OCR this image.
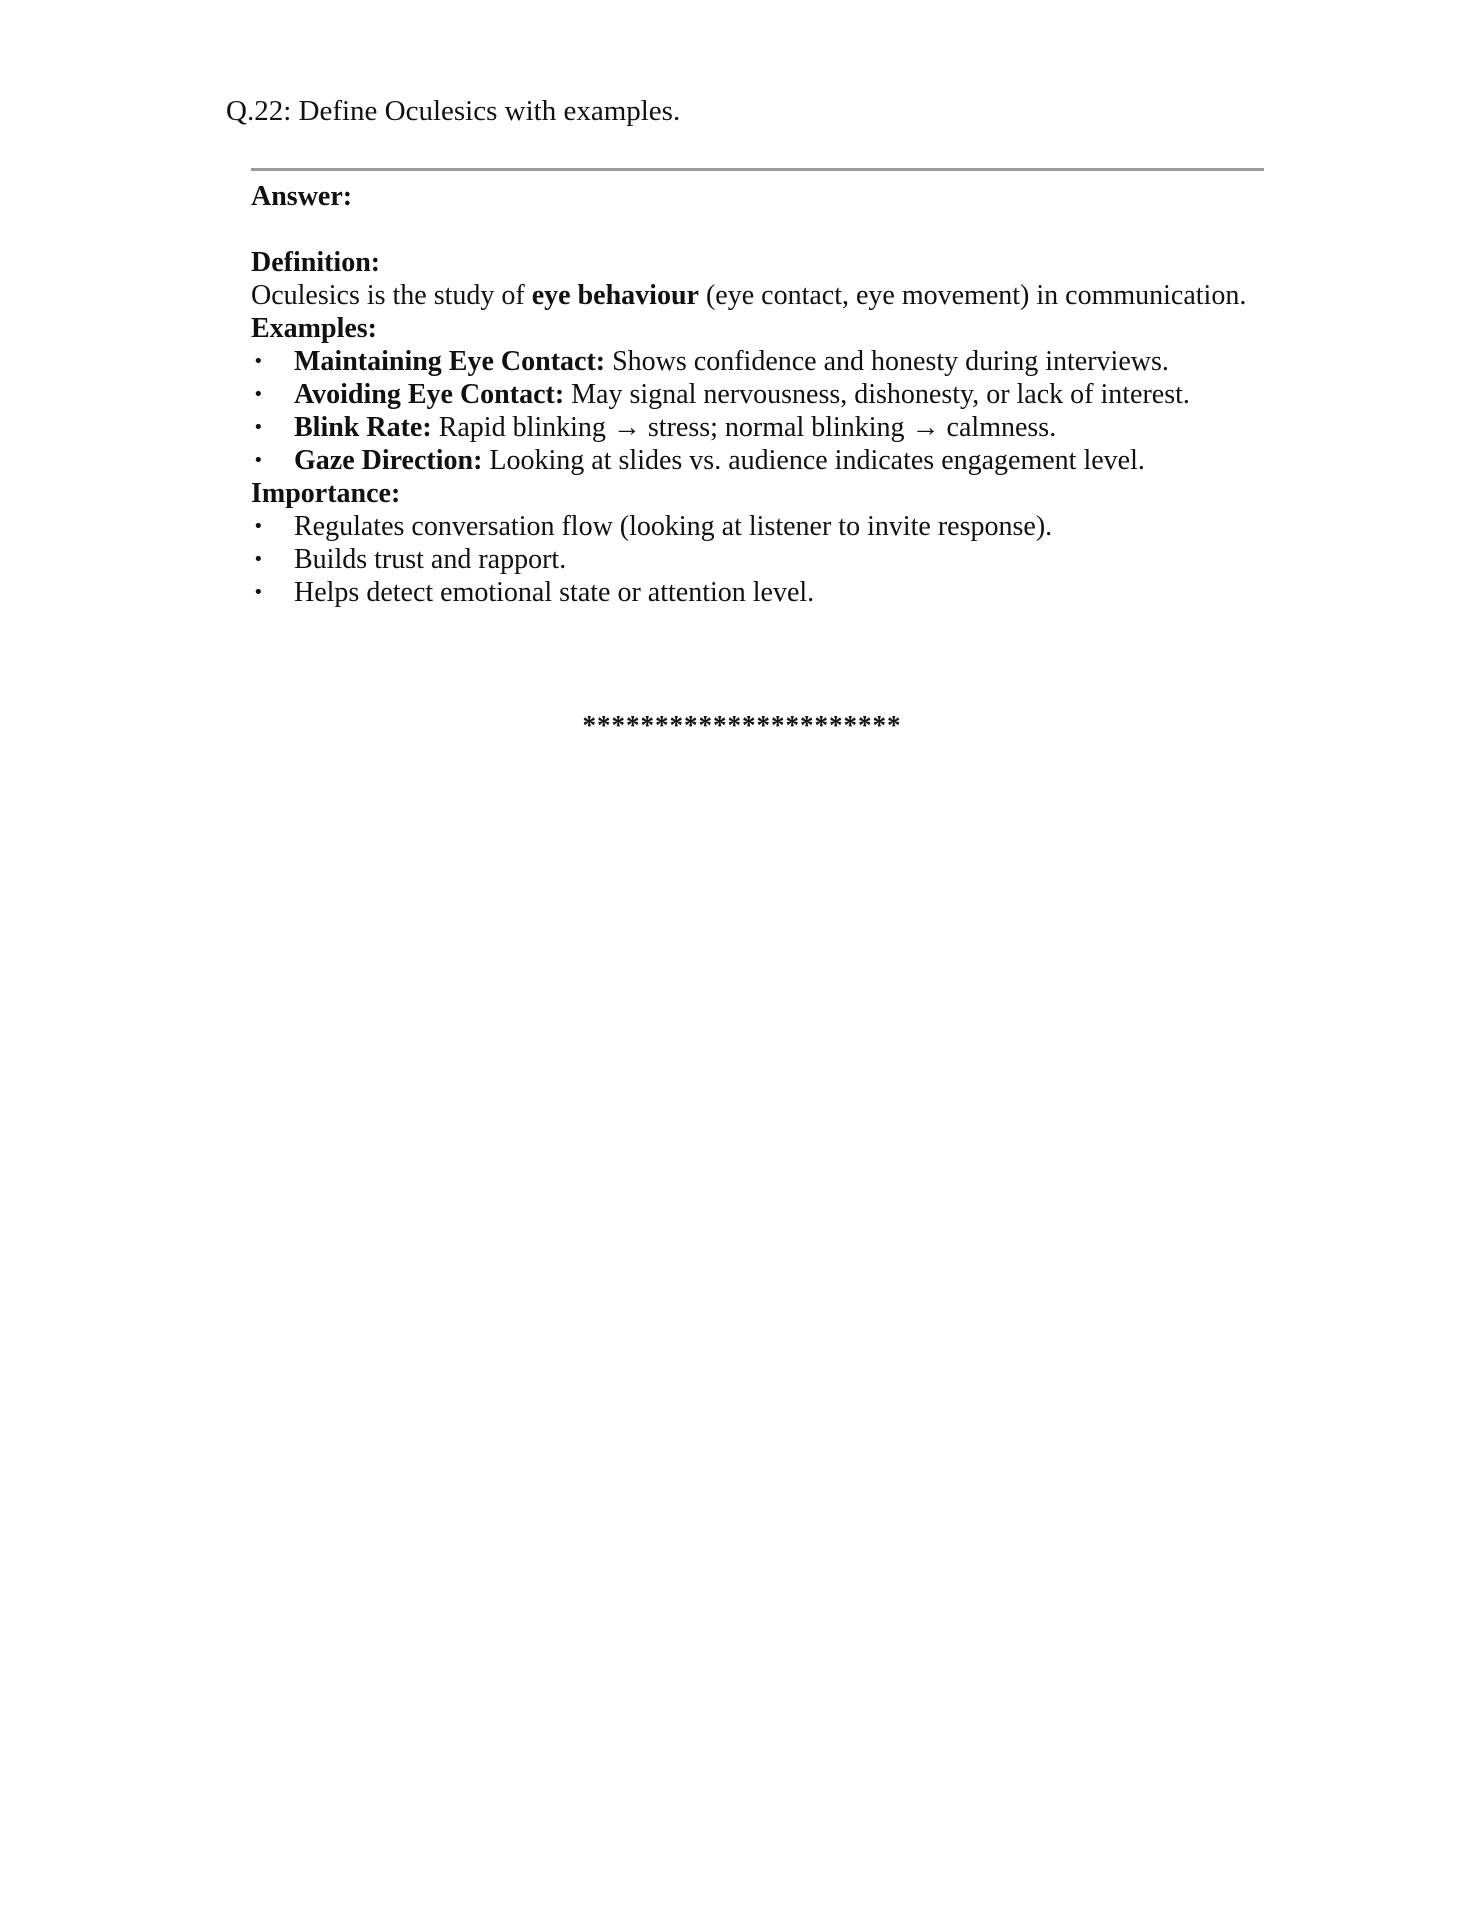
Q.22: Define Oculesics with examples.
Answer:
Definition:

Oculesics is the study of eye behaviour (eye contact, eye movement) in communication.

Examples:
• Maintaining Eye Contact: Shows confidence and honesty during interviews.
• Avoiding Eye Contact: May signal nervousness, dishonesty, or lack of interest.
• Blink Rate: Rapid blinking → stress; normal blinking → calmness.
• Gaze Direction: Looking at slides vs. audience indicates engagement level.
Importance:
• Regulates conversation flow (looking at listener to invite response).
• Builds trust and rapport.
• Helps detect emotional state or attention level.
**********************
